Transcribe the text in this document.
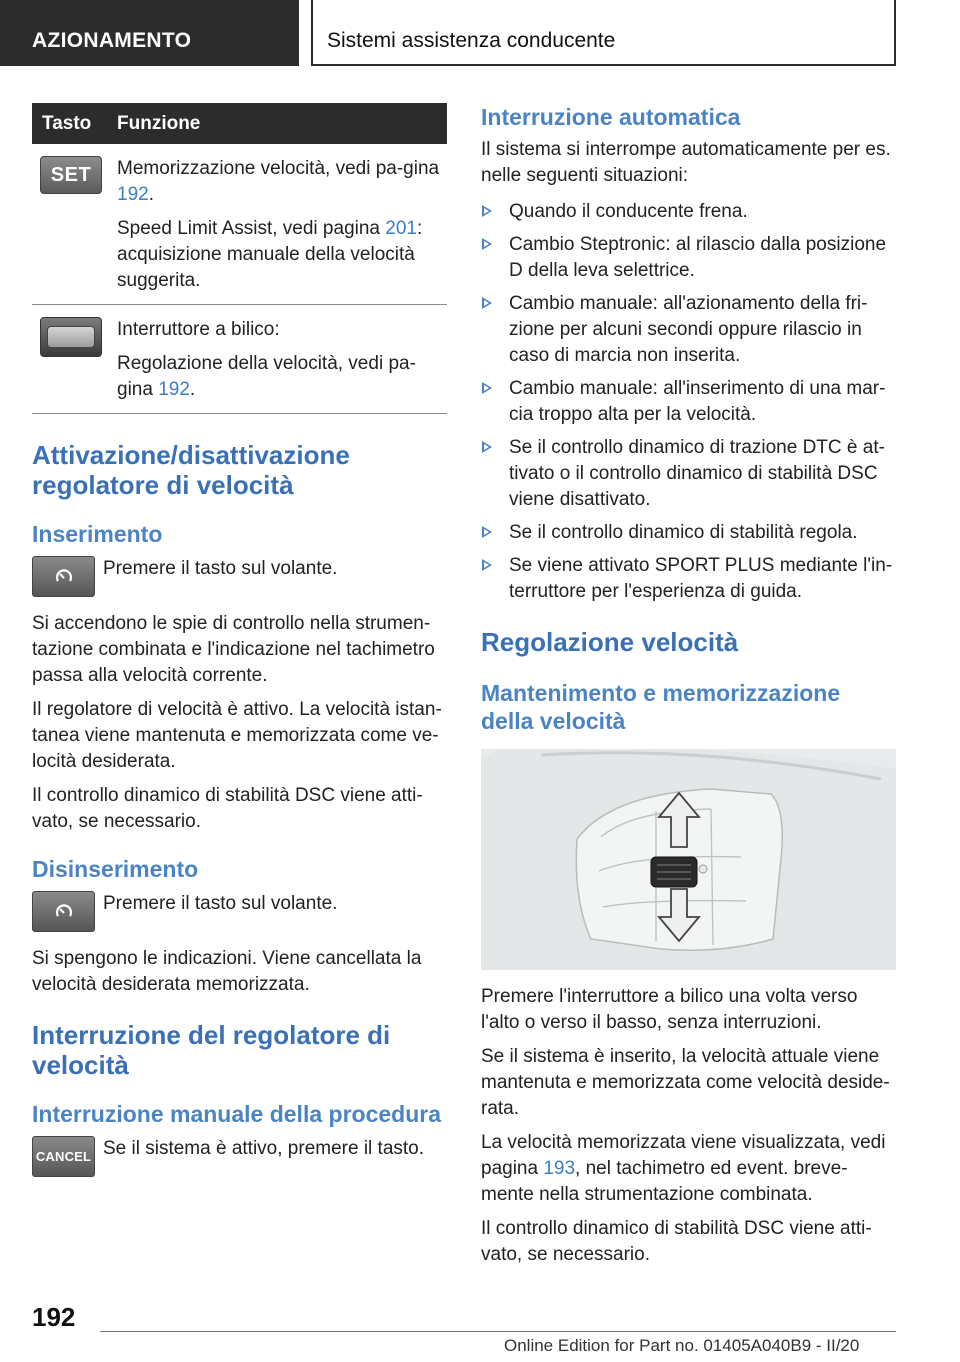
AZIONAMENTO	Sistemi assistenza conducente
Tasto	Funzione

SET	Memorizzazione velocità, vedi pa‐gina 192.

Speed Limit Assist, vedi pagina 201: acquisizione manuale della velocità suggerita.

	Interruttore a bilico:

Regolazione della velocità, vedi pa‐gina 192.

Attivazione/disattivazione regolatore di velocità
Inserimento
Premere il tasto sul volante.

Si accendono le spie di controllo nella strumen‐tazione combinata e l'indicazione nel tachimetro passa alla velocità corrente.

Il regolatore di velocità è attivo. La velocità istan‐tanea viene mantenuta e memorizzata come ve‐locità desiderata.

Il controllo dinamico di stabilità DSC viene atti‐vato, se necessario.

Disinserimento
Premere il tasto sul volante.

Si spengono le indicazioni. Viene cancellata la velocità desiderata memorizzata.

Interruzione del regolatore di velocità
Interruzione manuale della procedura
CANCEL Se il sistema è attivo, premere il tasto.
Interruzione automatica

Il sistema si interrompe automaticamente per es. nelle seguenti situazioni:

Quando il conducente frena.
Cambio Steptronic: al rilascio dalla posizione D della leva selettrice.
Cambio manuale: all'azionamento della fri‐zione per alcuni secondi oppure rilascio in caso di marcia non inserita.
Cambio manuale: all'inserimento di una mar‐cia troppo alta per la velocità.
Se il controllo dinamico di trazione DTC è at‐tivato o il controllo dinamico di stabilità DSC viene disattivato.
Se il controllo dinamico di stabilità regola.
Se viene attivato SPORT PLUS mediante l'in‐terruttore per l'esperienza di guida.
Regolazione velocità
Mantenimento e memorizzazione della velocità

Premere l'interruttore a bilico una volta verso l'alto o verso il basso, senza interruzioni.

Se il sistema è inserito, la velocità attuale viene mantenuta e memorizzata come velocità deside‐rata.

La velocità memorizzata viene visualizzata, vedi pagina 193, nel tachimetro ed event. breve‐mente nella strumentazione combinata.

Il controllo dinamico di stabilità DSC viene atti‐vato, se necessario.

192
Online Edition for Part no. 01405A040B9 - II/20
